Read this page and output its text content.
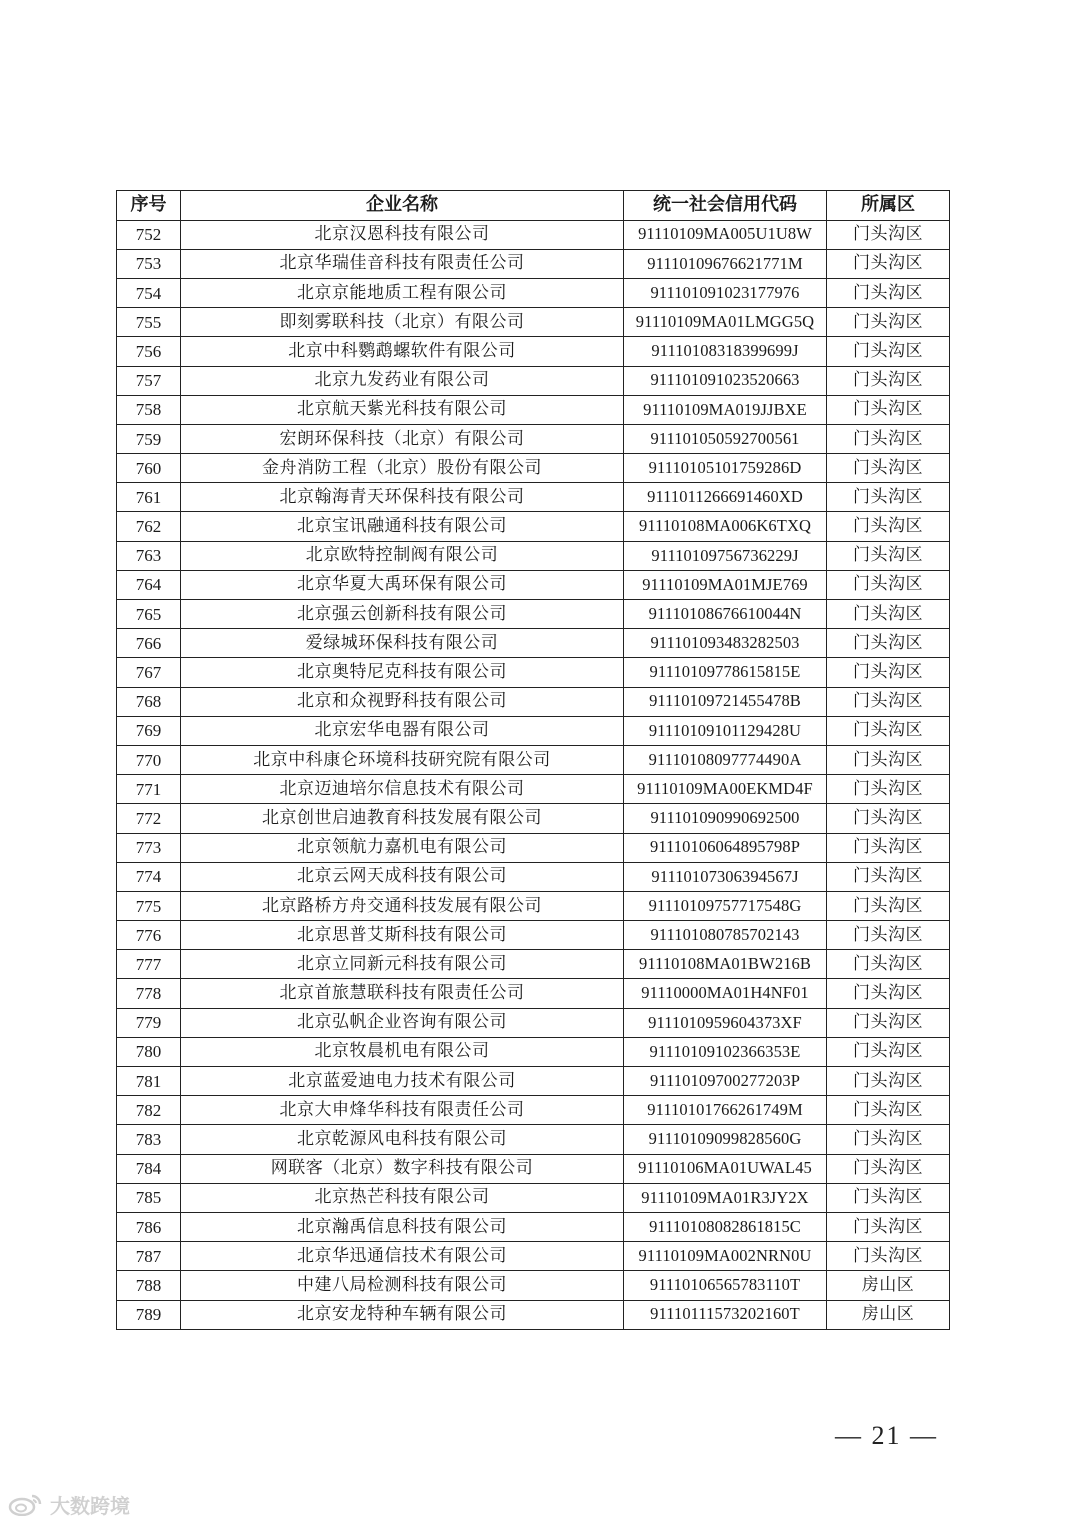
序号	企业名称	统一社会信用代码	所属区
752	北京汉恩科技有限公司	91110109MA005U1U8W	门头沟区
753	北京华瑞佳音科技有限责任公司	91110109676621771M	门头沟区
754	北京京能地质工程有限公司	911101091023177976	门头沟区
755	即刻雾联科技（北京）有限公司	91110109MA01LMGG5Q	门头沟区
756	北京中科鹦鹉螺软件有限公司	91110108318399699J	门头沟区
757	北京九发药业有限公司	911101091023520663	门头沟区
758	北京航天紫光科技有限公司	91110109MA019JJBXE	门头沟区
759	宏朗环保科技（北京）有限公司	911101050592700561	门头沟区
760	金舟消防工程（北京）股份有限公司	9111010510175928​6D	门头沟区
761	北京翰海青天环保科技有限公司	91110112666914​60XD	门头沟区
762	北京宝讯融通科技有限公司	91110108MA006K6TXQ	门头沟区
763	北京欧特控制阀有限公司	91110109756736229J	门头沟区
764	北京华夏大禹环保有限公司	91110109MA01MJE769	门头沟区
765	北京强云创新科技有限公司	91110108676610044N	门头沟区
766	爱绿城环保科技有限公司	911101093483282503	门头沟区
767	北京奥特尼克科技有限公司	91110109778615815E	门头沟区
768	北京和众视野科技有限公司	91110109721455478B	门头沟区
769	北京宏华电器有限公司	91110109101129428U	门头沟区
770	北京中科康仑环境科技研究院有限公司	91110108097774490A	门头沟区
771	北京迈迪培尔信息技术有限公司	91110109MA00EKMD4F	门头沟区
772	北京创世启迪教育科技发展有限公司	911101090990692500	门头沟区
773	北京领航力嘉机电有限公司	91110106064895798P	门头沟区
774	北京云网天成科技有限公司	91110107306394567J	门头沟区
775	北京路桥方舟交通科技发展有限公司	91110109757717548G	门头沟区
776	北京思普艾斯科技有限公司	911101080785702143	门头沟区
777	北京立同新元科技有限公司	91110108MA01BW216B	门头沟区
778	北京首旅慧联科技有限责任公司	91110000MA01H4NF01	门头沟区
779	北京弘帆企业咨询有限公司	91110109596043​73XF	门头沟区
780	北京牧晨机电有限公司	91110109102366353E	门头沟区
781	北京蓝爱迪电力技术有限公司	91110109700277203P	门头沟区
782	北京大申烽华科技有限责任公司	91110101766261749M	门头沟区
783	北京乾源风电科技有限公司	91110109099828560G	门头沟区
784	网联客（北京）数字科技有限公司	91110106MA01UWAL45	门头沟区
785	北京热芒科技有限公司	91110109MA01R3JY2X	门头沟区
786	北京瀚禹信息科技有限公司	91110108082861815C	门头沟区
787	北京华迅通信技术有限公司	91110109MA002NRN0U	门头沟区
788	中建八局检测科技有限公司	91110106565783110T	房山区
789	北京安龙特种车辆有限公司	91110111573202160T	房山区
— 21 —
大数跨境
